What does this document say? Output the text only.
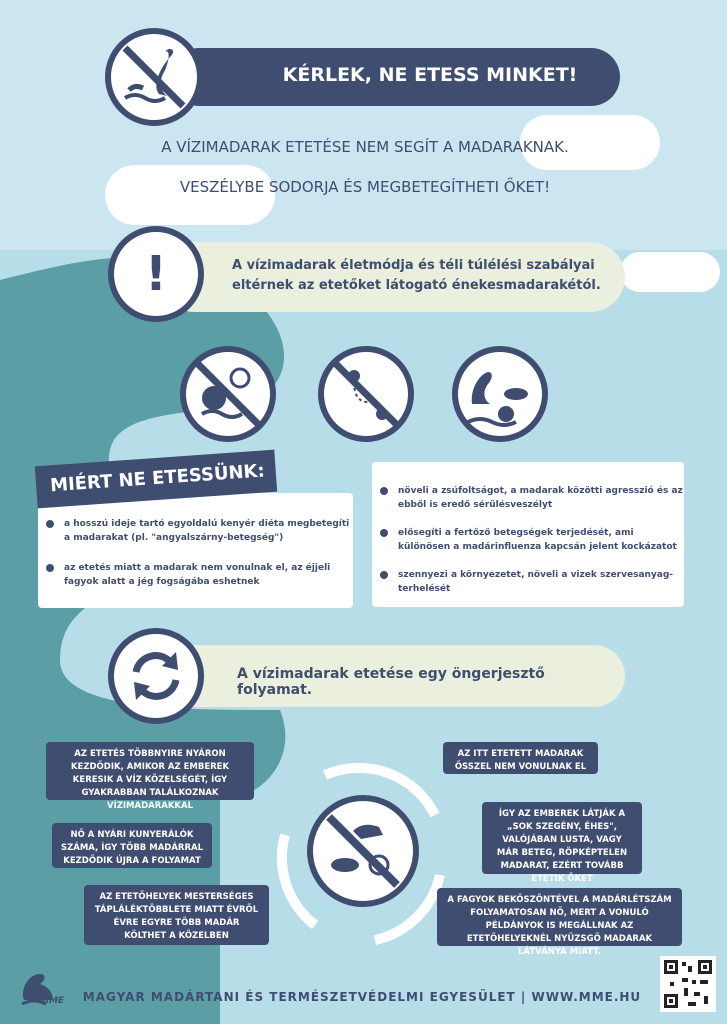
KÉRLEK, NE ETESS MINKET!
A VÍZIMADARAK ETETÉSE NEM SEGÍT A MADARAKNAK.
VESZÉLYBE SODORJA ÉS MEGBETEGÍTHETI ŐKET!
A vízimadarak életmódja és téli túlélési szabályai eltérnek az etetőket látogató énekesmadarakétól.
!
a hosszú ideje tartó egyoldalú kenyér diéta megbetegíti a madarakat (pl. "angyalszárny-betegség")
az etetés miatt a madarak nem vonulnak el, az éjjeli fagyok alatt a jég fogságába eshetnek
MIÉRT NE ETESSÜNK:	növeli a zsúfoltságot, a madarak közötti agresszió és az ebből is eredő sérülésveszélyt
elősegíti a fertőző betegségek terjedését, ami különösen a madárinfluenza kapcsán jelent kockázatot
szennyezi a környezetet, növeli a vizek szervesanyag-terhelését
A vízimadarak etetése egy öngerjesztő folyamat.
AZ ETETÉS TÖBBNYIRE NYÁRON KEZDŐDIK, AMIKOR AZ EMBEREK KERESIK A VÍZ KÖZELSÉGÉT, ÍGY GYAKRABBAN TALÁLKOZNAK VÍZIMADARAKKAL
AZ ITT ETETETT MADARAK ŐSSZEL NEM VONULNAK EL
NŐ A NYÁRI KUNYERÁLÓK SZÁMA, ÍGY TÖBB MADÁRRAL KEZDŐDIK ÚJRA A FOLYAMAT
ÍGY AZ EMBEREK LÁTJÁK A „SOK SZEGÉNY, ÉHES", VALÓJÁBAN LUSTA, VAGY MÁR BETEG, RÖPKÉPTELEN MADARAT, EZÉRT TOVÁBB ETETIK ŐKET
AZ ETETŐHELYEK MESTERSÉGES TÁPLÁLÉKTÖBBLETE MIATT ÉVRŐL ÉVRE EGYRE TÖBB MADÁR KÖLTHET A KÖZELBEN
A FAGYOK BEKÖSZÖNTÉVEL A MADÁRLÉTSZÁM FOLYAMATOSAN NŐ, MERT A VONULÓ PÉLDÁNYOK IS MEGÁLLNAK AZ ETETŐHELYEKNÉL NYÜZSGŐ MADARAK LÁTVÁNYA MIATT.
MME MAGYAR MADÁRTANI ÉS TERMÉSZETVÉDELMI EGYESÜLET | WWW.MME.HU
